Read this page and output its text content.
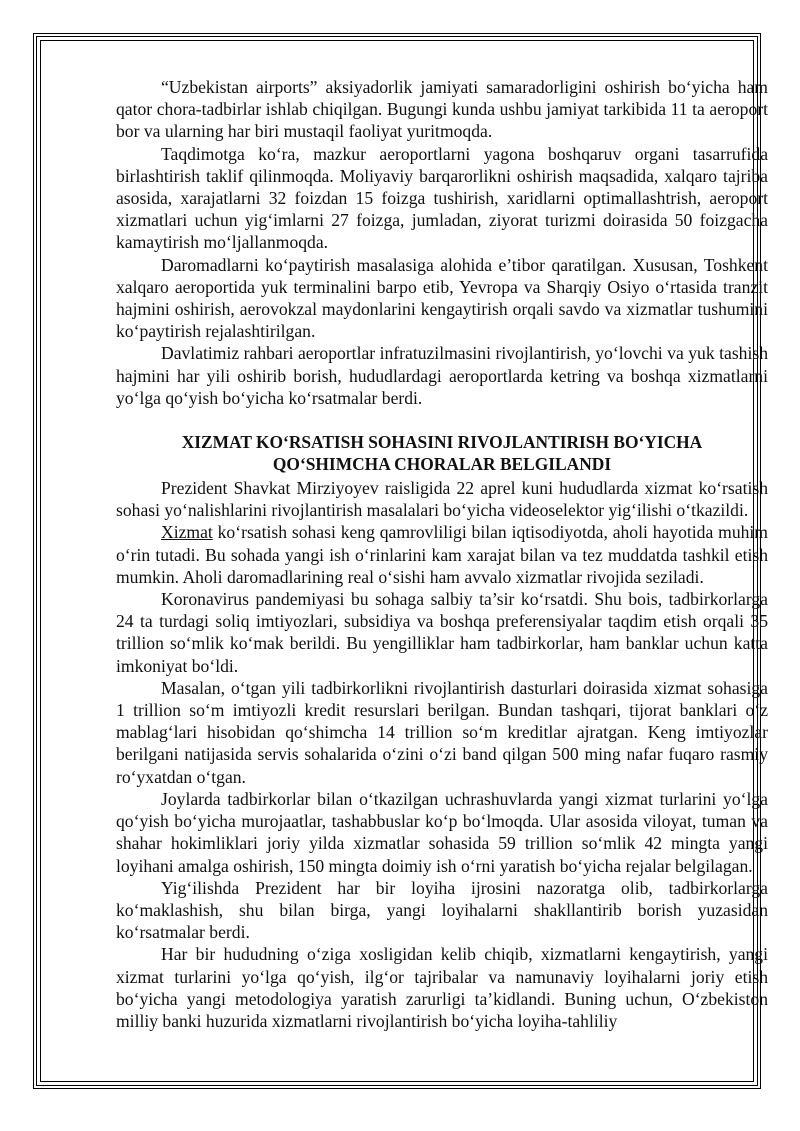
“Uzbekistan airports” aksiyadorlik jamiyati samaradorligini oshirish bo‘yicha ham qator chora-tadbirlar ishlab chiqilgan. Bugungi kunda ushbu jamiyat tarkibida 11 ta aeroport bor va ularning har biri mustaqil faoliyat yuritmoqda.

Taqdimotga ko‘ra, mazkur aeroportlarni yagona boshqaruv organi tasarrufida birlashtirish taklif qilinmoqda. Moliyaviy barqarorlikni oshirish maqsadida, xalqaro tajriba asosida, xarajatlarni 32 foizdan 15 foizga tushirish, xaridlarni optimallashtrish, aeroport xizmatlari uchun yig‘imlarni 27 foizga, jumladan, ziyorat turizmi doirasida 50 foizgacha kamaytirish mo‘ljallanmoqda.

Daromadlarni ko‘paytirish masalasiga alohida e’tibor qaratilgan. Xususan, Toshkent xalqaro aeroportida yuk terminalini barpo etib, Yevropa va Sharqiy Osiyo o‘rtasida tranzit hajmini oshirish, aerovokzal maydonlarini kengaytirish orqali savdo va xizmatlar tushumini ko‘paytirish rejalashtirilgan.

Davlatimiz rahbari aeroportlar infratuzilmasini rivojlantirish, yo‘lovchi va yuk tashish hajmini har yili oshirib borish, hududlardagi aeroportlarda ketring va boshqa xizmatlarni yo‘lga qo‘yish bo‘yicha ko‘rsatmalar berdi.

XIZMAT KO‘RSATISH SOHASINI RIVOJLANTIRISH BO‘YICHA
QO‘SHIMCHA CHORALAR BELGILANDI

Prezident Shavkat Mirziyoyev raisligida 22 aprel kuni hududlarda xizmat ko‘rsatish sohasi yo‘nalishlarini rivojlantirish masalalari bo‘yicha videoselektor yig‘ilishi o‘tkazildi.

Xizmat ko‘rsatish sohasi keng qamrovliligi bilan iqtisodiyotda, aholi hayotida muhim o‘rin tutadi. Bu sohada yangi ish o‘rinlarini kam xarajat bilan va tez muddatda tashkil etish mumkin. Aholi daromadlarining real o‘sishi ham avvalo xizmatlar rivojida seziladi.

Koronavirus pandemiyasi bu sohaga salbiy ta’sir ko‘rsatdi. Shu bois, tadbirkorlarga 24 ta turdagi soliq imtiyozlari, subsidiya va boshqa preferensiyalar taqdim etish orqali 35 trillion so‘mlik ko‘mak berildi. Bu yengilliklar ham tadbirkorlar, ham banklar uchun katta imkoniyat bo‘ldi.

Masalan, o‘tgan yili tadbirkorlikni rivojlantirish dasturlari doirasida xizmat sohasiga 1 trillion so‘m imtiyozli kredit resurslari berilgan. Bundan tashqari, tijorat banklari o‘z mablag‘lari hisobidan qo‘shimcha 14 trillion so‘m kreditlar ajratgan. Keng imtiyozlar berilgani natijasida servis sohalarida o‘zini o‘zi band qilgan 500 ming nafar fuqaro rasmiy ro‘yxatdan o‘tgan.

Joylarda tadbirkorlar bilan o‘tkazilgan uchrashuvlarda yangi xizmat turlarini yo‘lga qo‘yish bo‘yicha murojaatlar, tashabbuslar ko‘p bo‘lmoqda. Ular asosida viloyat, tuman va shahar hokimliklari joriy yilda xizmatlar sohasida 59 trillion so‘mlik 42 mingta yangi loyihani amalga oshirish, 150 mingta doimiy ish o‘rni yaratish bo‘yicha rejalar belgilagan.

Yig‘ilishda Prezident har bir loyiha ijrosini nazoratga olib, tadbirkorlarga ko‘maklashish, shu bilan birga, yangi loyihalarni shakllantirib borish yuzasidan ko‘rsatmalar berdi.

Har bir hududning o‘ziga xosligidan kelib chiqib, xizmatlarni kengaytirish, yangi xizmat turlarini yo‘lga qo‘yish, ilg‘or tajribalar va namunaviy loyihalarni joriy etish bo‘yicha yangi metodologiya yaratish zarurligi ta’kidlandi. Buning uchun, O‘zbekiston milliy banki huzurida xizmatlarni rivojlantirish bo‘yicha loyiha-tahliliy
